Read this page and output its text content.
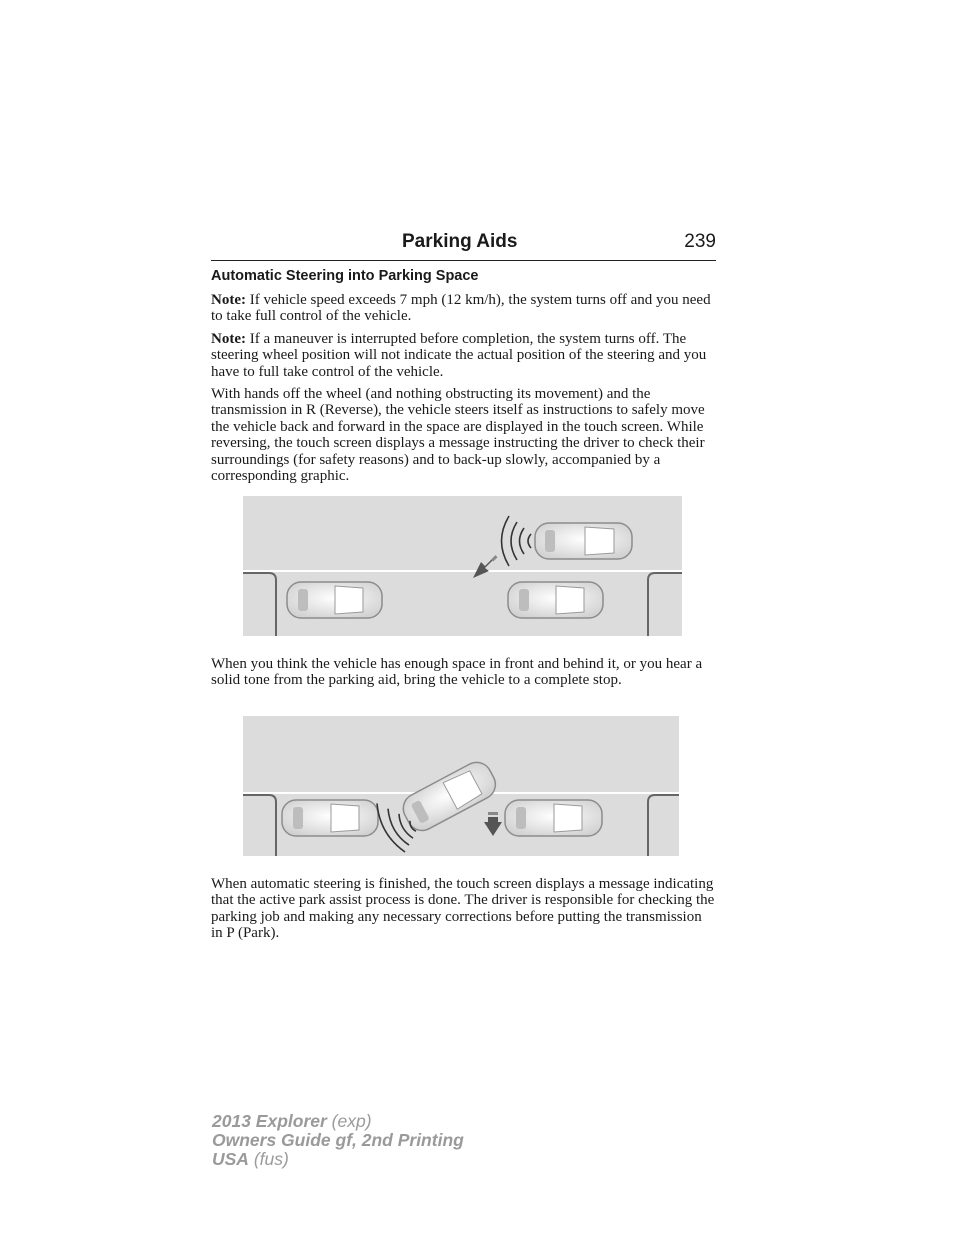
Parking Aids	239
Automatic Steering into Parking Space

Note: If vehicle speed exceeds 7 mph (12 km/h), the system turns off and you need to take full control of the vehicle.

Note: If a maneuver is interrupted before completion, the system turns off. The steering wheel position will not indicate the actual position of the steering and you have to full take control of the vehicle.

With hands off the wheel (and nothing obstructing its movement) and the transmission in R (Reverse), the vehicle steers itself as instructions to safely move the vehicle back and forward in the space are displayed in the touch screen. While reversing, the touch screen displays a message instructing the driver to check their surroundings (for safety reasons) and to back-up slowly, accompanied by a corresponding graphic.

When you think the vehicle has enough space in front and behind it, or you hear a solid tone from the parking aid, bring the vehicle to a complete stop.

When automatic steering is finished, the touch screen displays a message indicating that the active park assist process is done. The driver is responsible for checking the parking job and making any necessary corrections before putting the transmission in P (Park).

2013 Explorer (exp)
Owners Guide gf, 2nd Printing
USA (fus)
